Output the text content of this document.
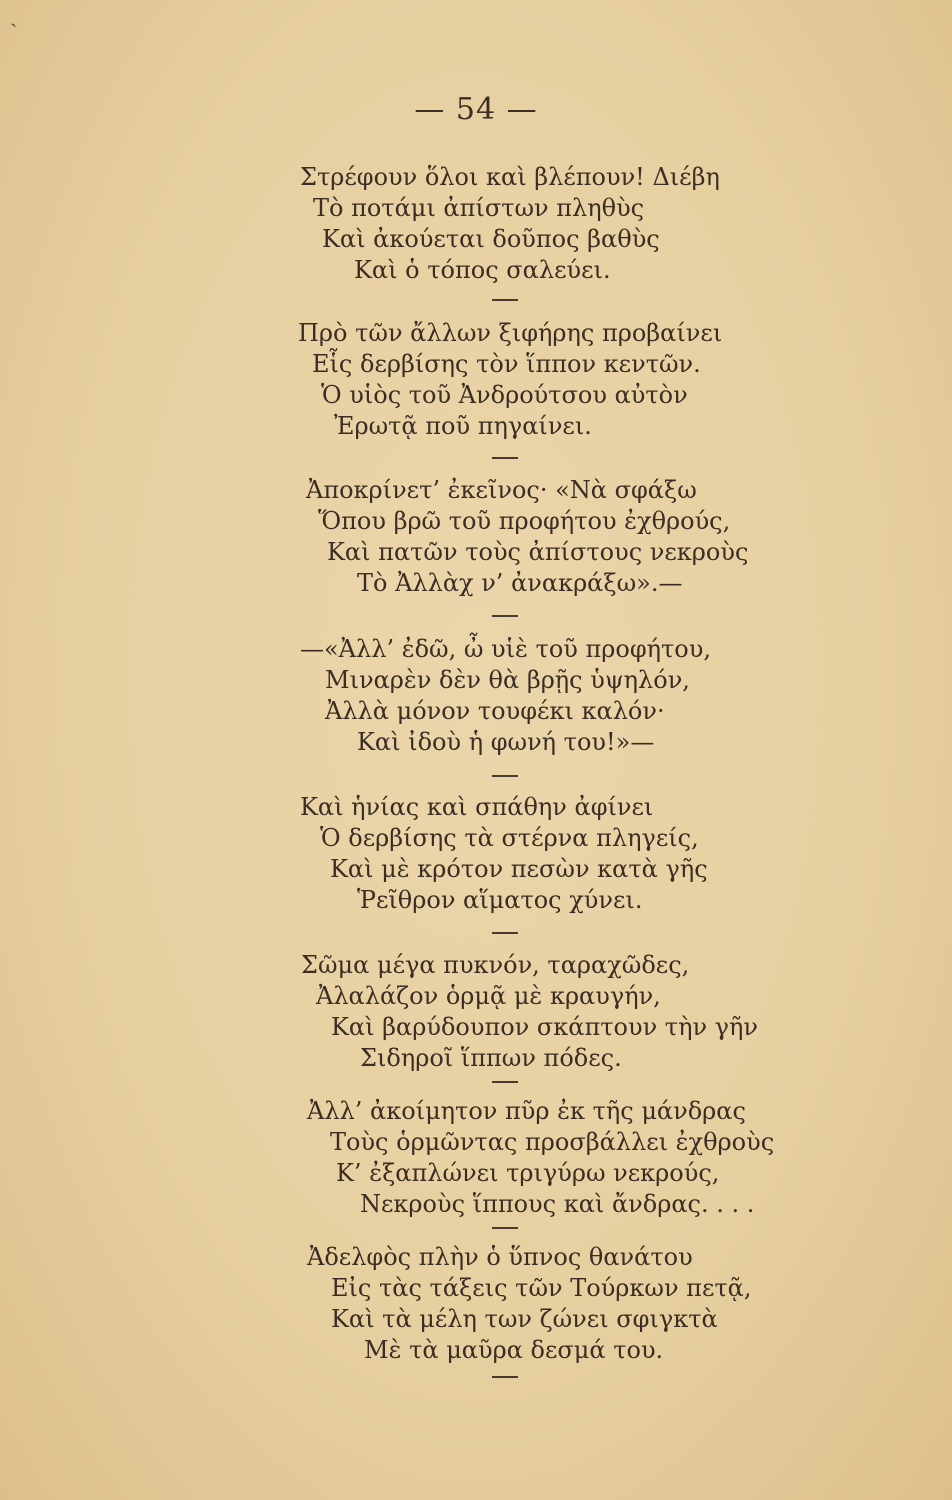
ˏ
— 54 —
Στρέφουν ὅλοι καὶ βλέπουν! Διέβη
Τὸ ποτάμι ἀπίστων πληθὺς
Καὶ ἀκούεται δοῦπος βαθὺς
Καὶ ὁ τόπος σαλεύει.
Πρὸ τῶν ἄλλων ξιφήρης προβαίνει
Εἷς δερβίσης τὸν ἵππον κεντῶν.
Ὁ υἱὸς τοῦ Ἀνδρούτσου αὐτὸν
Ἐρωτᾷ ποῦ πηγαίνει.
Ἀποκρίνετ’ ἐκεῖνος· «Νὰ σφάξω
Ὅπου βρῶ τοῦ προφήτου ἐχθρούς,
Καὶ πατῶν τοὺς ἀπίστους νεκροὺς
Τὸ Ἀλλὰχ ν’ ἀνακράξω».—
—«Ἀλλ’ ἐδῶ, ὦ υἱὲ τοῦ προφήτου,
Μιναρὲν δὲν θὰ βρῇς ὑψηλόν,
Ἀλλὰ μόνον τουφέκι καλόν·
Καὶ ἰδοὺ ἡ φωνή του!»—
Καὶ ἡνίας καὶ σπάθην ἀφίνει
Ὁ δερβίσης τὰ στέρνα πληγείς,
Καὶ μὲ κρότον πεσὼν κατὰ γῆς
Ῥεῖθρον αἵματος χύνει.
Σῶμα μέγα πυκνόν, ταραχῶδες,
Ἀλαλάζον ὁρμᾷ μὲ κραυγήν,
Καὶ βαρύδουπον σκάπτουν τὴν γῆν
Σιδηροῖ ἵππων πόδες.
Ἀλλ’ ἀκοίμητον πῦρ ἐκ τῆς μάνδρας
Τοὺς ὁρμῶντας προσβάλλει ἐχθροὺς
Κ’ ἐξαπλώνει τριγύρω νεκρούς,
Νεκροὺς ἵππους καὶ ἄνδρας. . . .
Ἀδελφὸς πλὴν ὁ ὕπνος θανάτου
Εἰς τὰς τάξεις τῶν Τούρκων πετᾷ,
Καὶ τὰ μέλη των ζώνει σφιγκτὰ
Μὲ τὰ μαῦρα δεσμά του.
